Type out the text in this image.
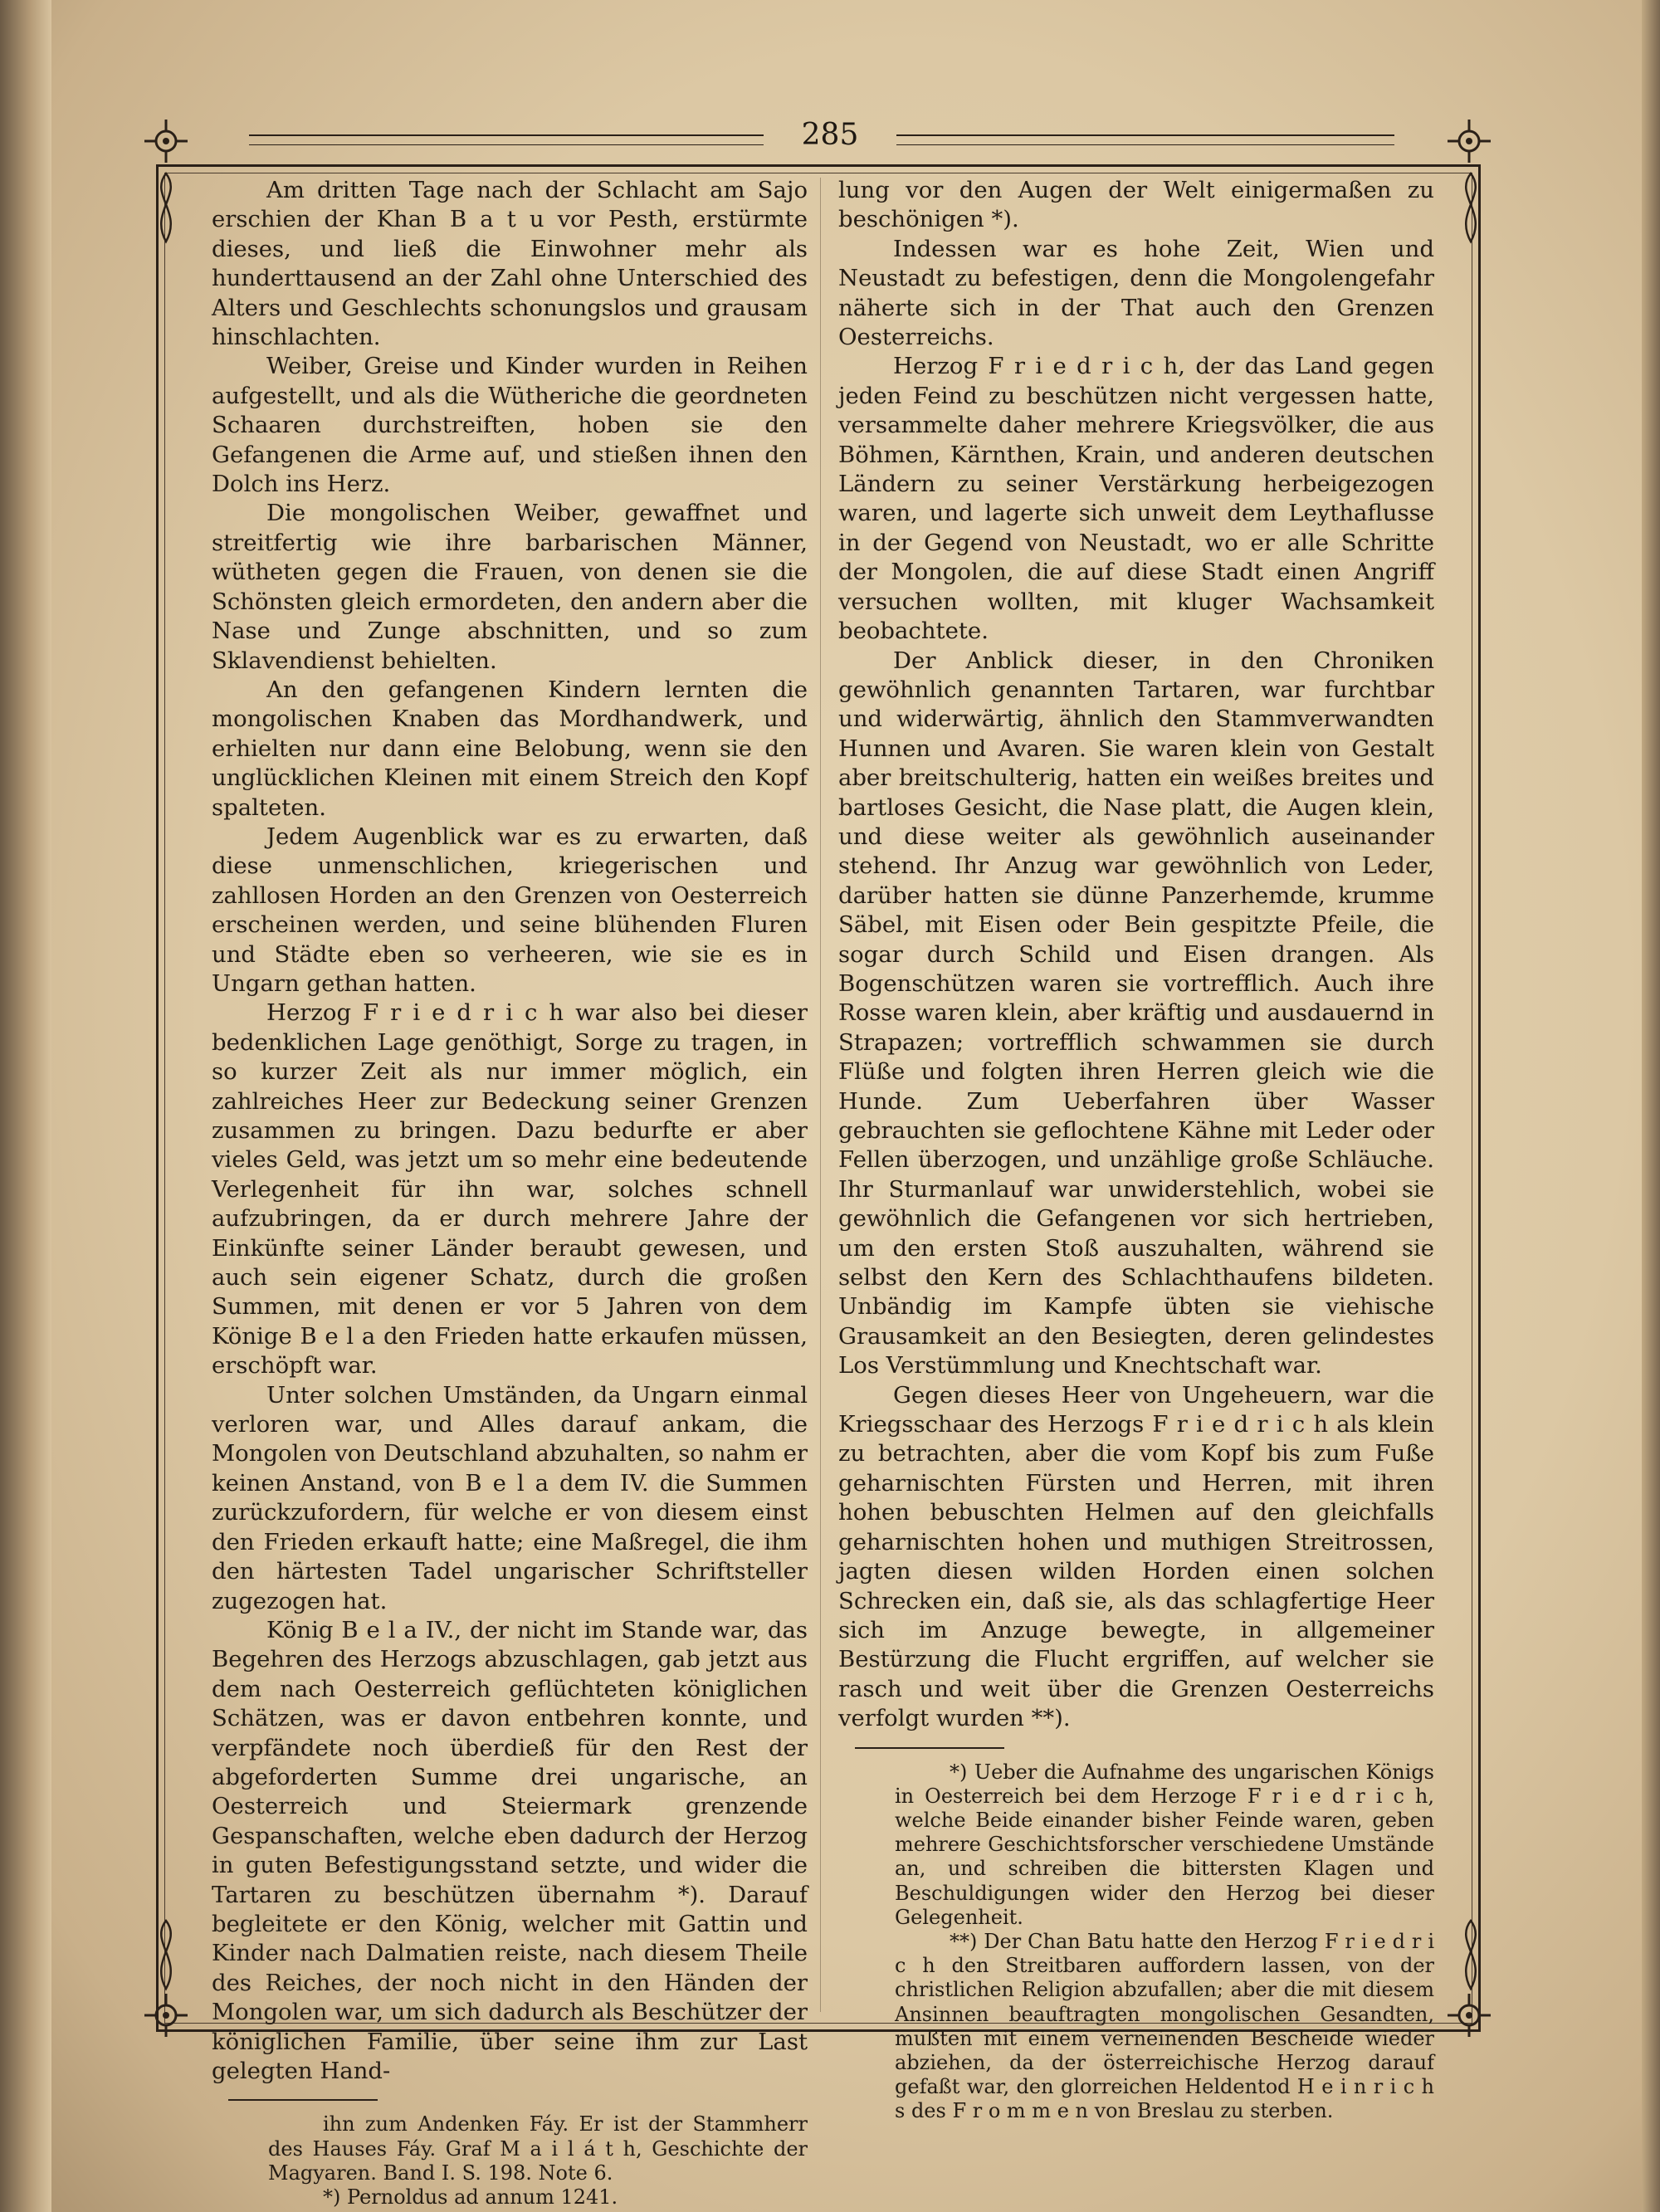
285

Am dritten Tage nach der Schlacht am Sajo erschien der Khan B a t u vor Pesth, erstürmte dieses, und ließ die Einwohner mehr als hunderttausend an der Zahl ohne Unterschied des Alters und Geschlechts schonungslos und grausam hinschlachten.

Weiber, Greise und Kinder wurden in Reihen aufgestellt, und als die Wütheriche die geordneten Schaaren durchstreiften, hoben sie den Gefangenen die Arme auf, und stießen ihnen den Dolch ins Herz.

Die mongolischen Weiber, gewaffnet und streitfertig wie ihre barbarischen Männer, wütheten gegen die Frauen, von denen sie die Schönsten gleich ermordeten, den andern aber die Nase und Zunge abschnitten, und so zum Sklavendienst behielten.

An den gefangenen Kindern lernten die mongolischen Knaben das Mordhandwerk, und erhielten nur dann eine Belobung, wenn sie den unglücklichen Kleinen mit einem Streich den Kopf spalteten.

Jedem Augenblick war es zu erwarten, daß diese unmenschlichen, kriegerischen und zahllosen Horden an den Grenzen von Oesterreich erscheinen werden, und seine blühenden Fluren und Städte eben so verheeren, wie sie es in Ungarn gethan hatten.

Herzog F r i e d r i c h war also bei dieser bedenklichen Lage genöthigt, Sorge zu tragen, in so kurzer Zeit als nur immer möglich, ein zahlreiches Heer zur Bedeckung seiner Grenzen zusammen zu bringen. Dazu bedurfte er aber vieles Geld, was jetzt um so mehr eine bedeutende Verlegenheit für ihn war, solches schnell aufzubringen, da er durch mehrere Jahre der Einkünfte seiner Länder beraubt gewesen, und auch sein eigener Schatz, durch die großen Summen, mit denen er vor 5 Jahren von dem Könige B e l a den Frieden hatte erkaufen müssen, erschöpft war.

Unter solchen Umständen, da Ungarn einmal verloren war, und Alles darauf ankam, die Mongolen von Deutschland abzuhalten, so nahm er keinen Anstand, von B e l a dem IV. die Summen zurückzufordern, für welche er von diesem einst den Frieden erkauft hatte; eine Maßregel, die ihm den härtesten Tadel ungarischer Schriftsteller zugezogen hat.

König B e l a IV., der nicht im Stande war, das Begehren des Herzogs abzuschlagen, gab jetzt aus dem nach Oesterreich geflüchteten königlichen Schätzen, was er davon entbehren konnte, und verpfändete noch überdieß für den Rest der abgeforderten Summe drei ungarische, an Oesterreich und Steiermark grenzende Gespanschaften, welche eben dadurch der Herzog in guten Befestigungsstand setzte, und wider die Tartaren zu beschützen übernahm *). Darauf begleitete er den König, welcher mit Gattin und Kinder nach Dalmatien reiste, nach diesem Theile des Reiches, der noch nicht in den Händen der Mongolen war, um sich dadurch als Beschützer der königlichen Familie, über seine ihm zur Last gelegten Hand-

ihn zum Andenken Fáy. Er ist der Stammherr des Hauses Fáy. Graf M a i l á t h, Geschichte der Magyaren. Band I. S. 198. Note 6.

*) Pernoldus ad annum 1241.

lung vor den Augen der Welt einigermaßen zu beschönigen *).

Indessen war es hohe Zeit, Wien und Neustadt zu befestigen, denn die Mongolengefahr näherte sich in der That auch den Grenzen Oesterreichs.

Herzog F r i e d r i c h, der das Land gegen jeden Feind zu beschützen nicht vergessen hatte, versammelte daher mehrere Kriegsvölker, die aus Böhmen, Kärnthen, Krain, und anderen deutschen Ländern zu seiner Verstärkung herbeigezogen waren, und lagerte sich unweit dem Leythaflusse in der Gegend von Neustadt, wo er alle Schritte der Mongolen, die auf diese Stadt einen Angriff versuchen wollten, mit kluger Wachsamkeit beobachtete.

Der Anblick dieser, in den Chroniken gewöhnlich genannten Tartaren, war furchtbar und widerwärtig, ähnlich den Stammverwandten Hunnen und Avaren. Sie waren klein von Gestalt aber breitschulterig, hatten ein weißes breites und bartloses Gesicht, die Nase platt, die Augen klein, und diese weiter als gewöhnlich auseinander stehend. Ihr Anzug war gewöhnlich von Leder, darüber hatten sie dünne Panzerhemde, krumme Säbel, mit Eisen oder Bein gespitzte Pfeile, die sogar durch Schild und Eisen drangen. Als Bogenschützen waren sie vortrefflich. Auch ihre Rosse waren klein, aber kräftig und ausdauernd in Strapazen; vortrefflich schwammen sie durch Flüße und folgten ihren Herren gleich wie die Hunde. Zum Ueberfahren über Wasser gebrauchten sie geflochtene Kähne mit Leder oder Fellen überzogen, und unzählige große Schläuche. Ihr Sturmanlauf war unwiderstehlich, wobei sie gewöhnlich die Gefangenen vor sich hertrieben, um den ersten Stoß auszuhalten, während sie selbst den Kern des Schlachthaufens bildeten. Unbändig im Kampfe übten sie viehische Grausamkeit an den Besiegten, deren gelindestes Los Verstümmlung und Knechtschaft war.

Gegen dieses Heer von Ungeheuern, war die Kriegsschaar des Herzogs F r i e d r i c h als klein zu betrachten, aber die vom Kopf bis zum Fuße geharnischten Fürsten und Herren, mit ihren hohen bebuschten Helmen auf den gleichfalls geharnischten hohen und muthigen Streitrossen, jagten diesen wilden Horden einen solchen Schrecken ein, daß sie, als das schlagfertige Heer sich im Anzuge bewegte, in allgemeiner Bestürzung die Flucht ergriffen, auf welcher sie rasch und weit über die Grenzen Oesterreichs verfolgt wurden **).

*) Ueber die Aufnahme des ungarischen Königs in Oesterreich bei dem Herzoge F r i e d r i c h, welche Beide einander bisher Feinde waren, geben mehrere Geschichtsforscher verschiedene Umstände an, und schreiben die bittersten Klagen und Beschuldigungen wider den Herzog bei dieser Gelegenheit.

**) Der Chan Batu hatte den Herzog F r i e d r i c h den Streitbaren auffordern lassen, von der christlichen Religion abzufallen; aber die mit diesem Ansinnen beauftragten mongolischen Gesandten, mußten mit einem verneinenden Bescheide wieder abziehen, da der österreichische Herzog darauf gefaßt war, den glorreichen Heldentod H e i n r i c h s des F r o m m e n von Breslau zu sterben.
